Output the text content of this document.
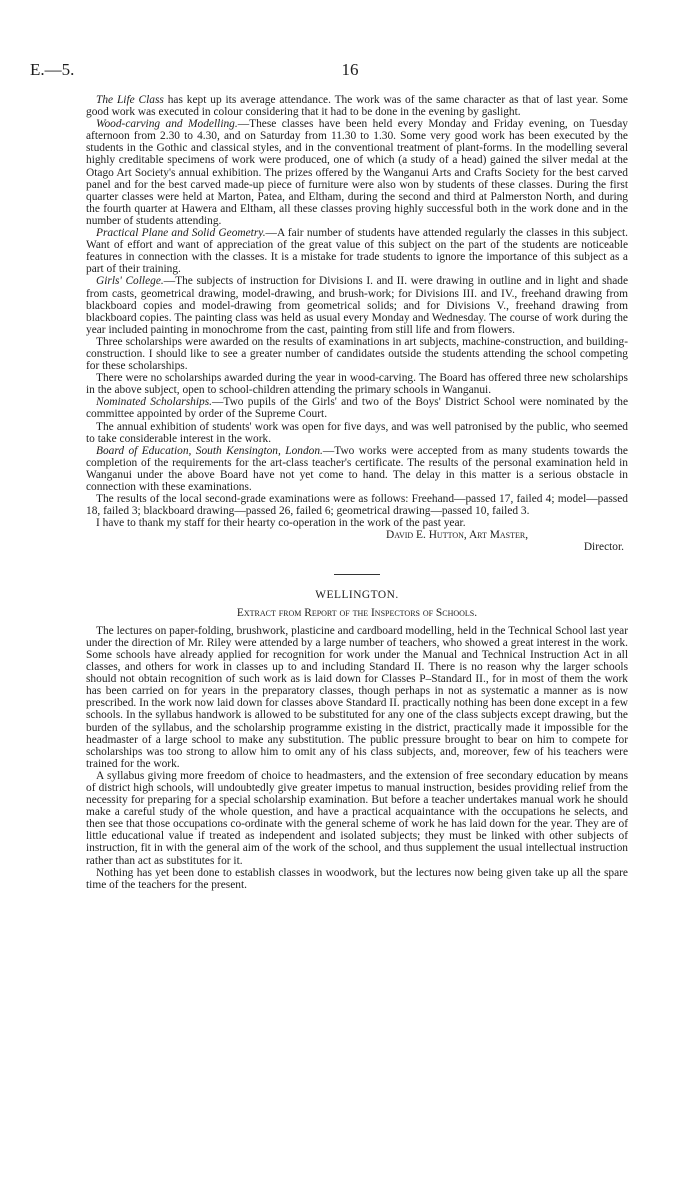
E.—5.	16

The Life Class has kept up its average attendance. The work was of the same character as that of last year. Some good work was executed in colour considering that it had to be done in the evening by gaslight.

Wood-carving and Modelling.—These classes have been held every Monday and Friday evening, on Tuesday afternoon from 2.30 to 4.30, and on Saturday from 11.30 to 1.30. Some very good work has been executed by the students in the Gothic and classical styles, and in the conventional treatment of plant-forms. In the modelling several highly creditable specimens of work were produced, one of which (a study of a head) gained the silver medal at the Otago Art Society's annual exhibition. The prizes offered by the Wanganui Arts and Crafts Society for the best carved panel and for the best carved made-up piece of furniture were also won by students of these classes. During the first quarter classes were held at Marton, Patea, and Eltham, during the second and third at Palmerston North, and during the fourth quarter at Hawera and Eltham, all these classes proving highly successful both in the work done and in the number of students attending.

Practical Plane and Solid Geometry.—A fair number of students have attended regularly the classes in this subject. Want of effort and want of appreciation of the great value of this subject on the part of the students are noticeable features in connection with the classes. It is a mistake for trade students to ignore the importance of this subject as a part of their training.

Girls' College.—The subjects of instruction for Divisions I. and II. were drawing in outline and in light and shade from casts, geometrical drawing, model-drawing, and brush-work; for Divisions III. and IV., freehand drawing from blackboard copies and model-drawing from geometrical solids; and for Divisions V., freehand drawing from blackboard copies. The painting class was held as usual every Monday and Wednesday. The course of work during the year included painting in monochrome from the cast, painting from still life and from flowers.

Three scholarships were awarded on the results of examinations in art subjects, machine-construction, and building-construction. I should like to see a greater number of candidates outside the students attending the school competing for these scholarships.

There were no scholarships awarded during the year in wood-carving. The Board has offered three new scholarships in the above subject, open to school-children attending the primary schools in Wanganui.

Nominated Scholarships.—Two pupils of the Girls' and two of the Boys' District School were nominated by the committee appointed by order of the Supreme Court.

The annual exhibition of students' work was open for five days, and was well patronised by the public, who seemed to take considerable interest in the work.

Board of Education, South Kensington, London.—Two works were accepted from as many students towards the completion of the requirements for the art-class teacher's certificate. The results of the personal examination held in Wanganui under the above Board have not yet come to hand. The delay in this matter is a serious obstacle in connection with these examinations.

The results of the local second-grade examinations were as follows: Freehand—passed 17, failed 4; model—passed 18, failed 3; blackboard drawing—passed 26, failed 6; geometrical drawing—passed 10, failed 3.

I have to thank my staff for their hearty co-operation in the work of the past year.

David E. Hutton, Art Master,

Director.

WELLINGTON.

Extract from Report of the Inspectors of Schools.

The lectures on paper-folding, brushwork, plasticine and cardboard modelling, held in the Technical School last year under the direction of Mr. Riley were attended by a large number of teachers, who showed a great interest in the work. Some schools have already applied for recognition for work under the Manual and Technical Instruction Act in all classes, and others for work in classes up to and including Standard II. There is no reason why the larger schools should not obtain recognition of such work as is laid down for Classes P–Standard II., for in most of them the work has been carried on for years in the preparatory classes, though perhaps in not as systematic a manner as is now prescribed. In the work now laid down for classes above Standard II. practically nothing has been done except in a few schools. In the syllabus handwork is allowed to be substituted for any one of the class subjects except drawing, but the burden of the syllabus, and the scholarship programme existing in the district, practically made it impossible for the headmaster of a large school to make any substitution. The public pressure brought to bear on him to compete for scholarships was too strong to allow him to omit any of his class subjects, and, moreover, few of his teachers were trained for the work.

A syllabus giving more freedom of choice to headmasters, and the extension of free secondary education by means of district high schools, will undoubtedly give greater impetus to manual instruction, besides providing relief from the necessity for preparing for a special scholarship examination. But before a teacher undertakes manual work he should make a careful study of the whole question, and have a practical acquaintance with the occupations he selects, and then see that those occupations co-ordinate with the general scheme of work he has laid down for the year. They are of little educational value if treated as independent and isolated subjects; they must be linked with other subjects of instruction, fit in with the general aim of the work of the school, and thus supplement the usual intellectual instruction rather than act as substitutes for it.

Nothing has yet been done to establish classes in woodwork, but the lectures now being given take up all the spare time of the teachers for the present.
